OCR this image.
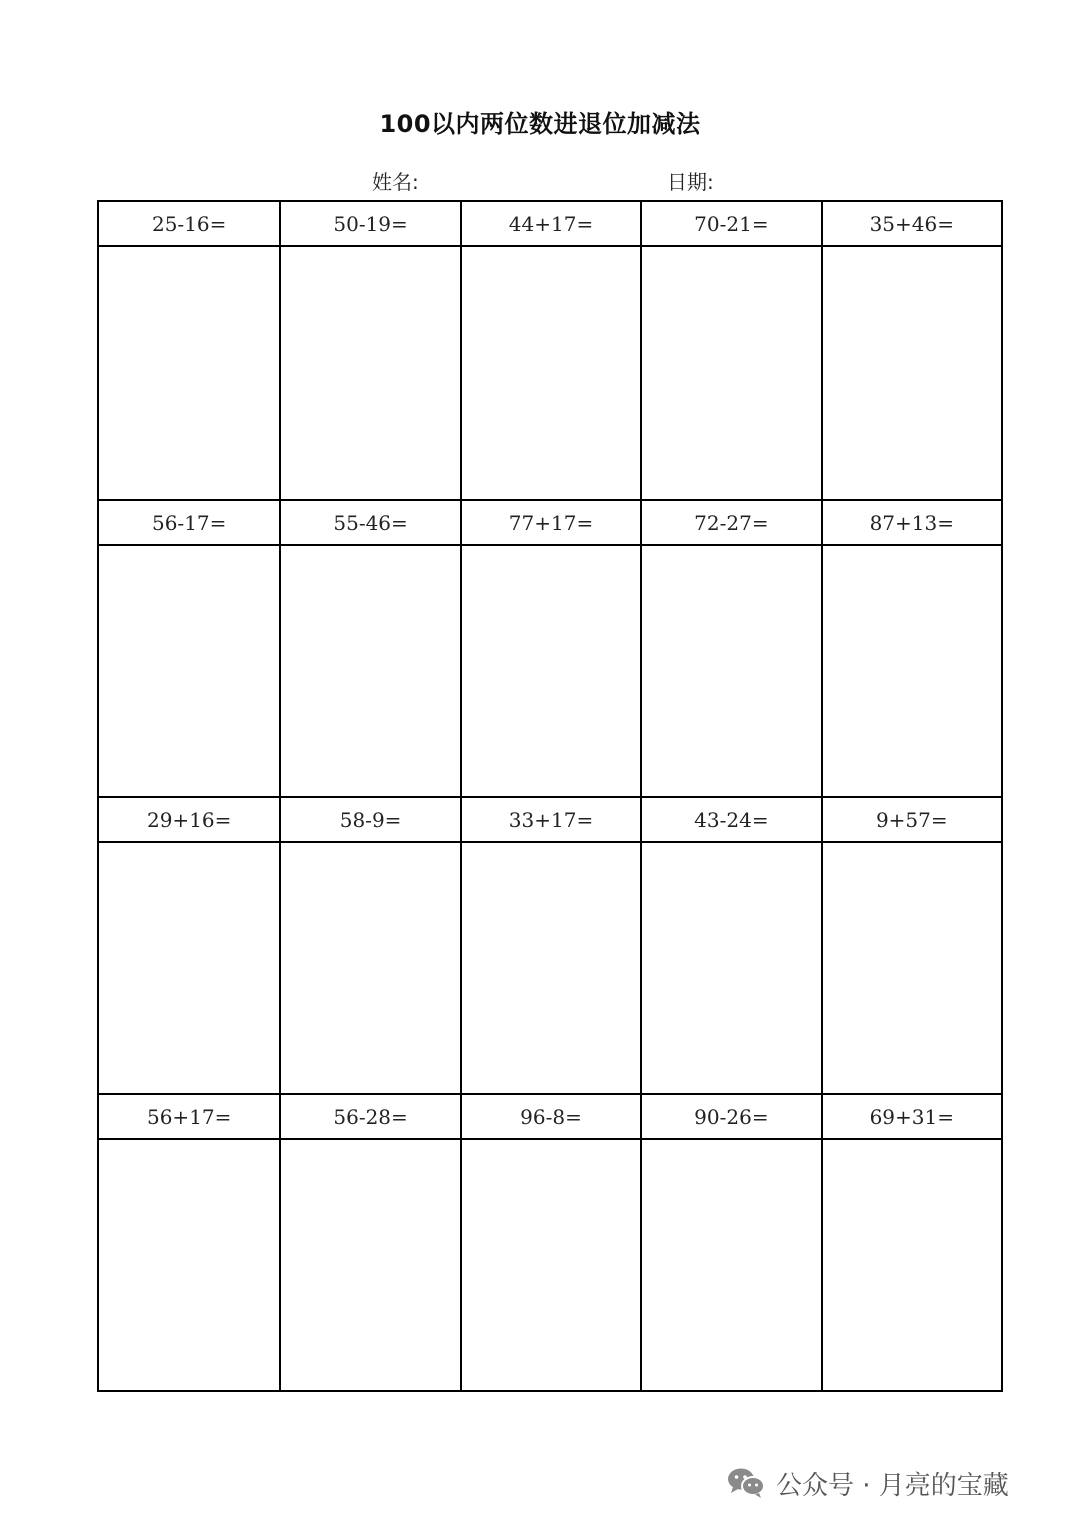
100以内两位数进退位加减法
姓名:	日期:
25-16=	50-19=	44+17=	70-21=	35+46=
56-17=	55-46=	77+17=	72-27=	87+13=
29+16=	58-9=	33+17=	43-24=	9+57=
56+17=	56-28=	96-8=	90-26=	69+31=
公众号 · 月亮的宝藏
